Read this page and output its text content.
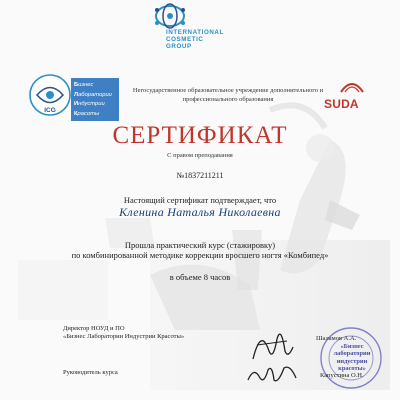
INTERNATIONAL
COSMETIC
GROUP
ICG
Бизнес
Лаборатории
Индустрии
Красоты
Негосударственное образовательное учреждение дополнительного и профессионального образования	SUDA
СЕРТИФИКАТ
С правом преподавания
№1837211211
Настоящий сертификат подтверждает, что
Кленина Наталья Николаевна
Прошла практический курс (стажировку)
по комбинированной методике коррекции вросшего ногтя «Комбипед»
в объеме 8 часов
Директор НОУД и ПО
«Бизнес Лаборатории Индустрии Красоты»
Руководитель курса
«Бизнес лаборатории индустрии красоты»
Шаламов А.А.
Капустина О.Н.
